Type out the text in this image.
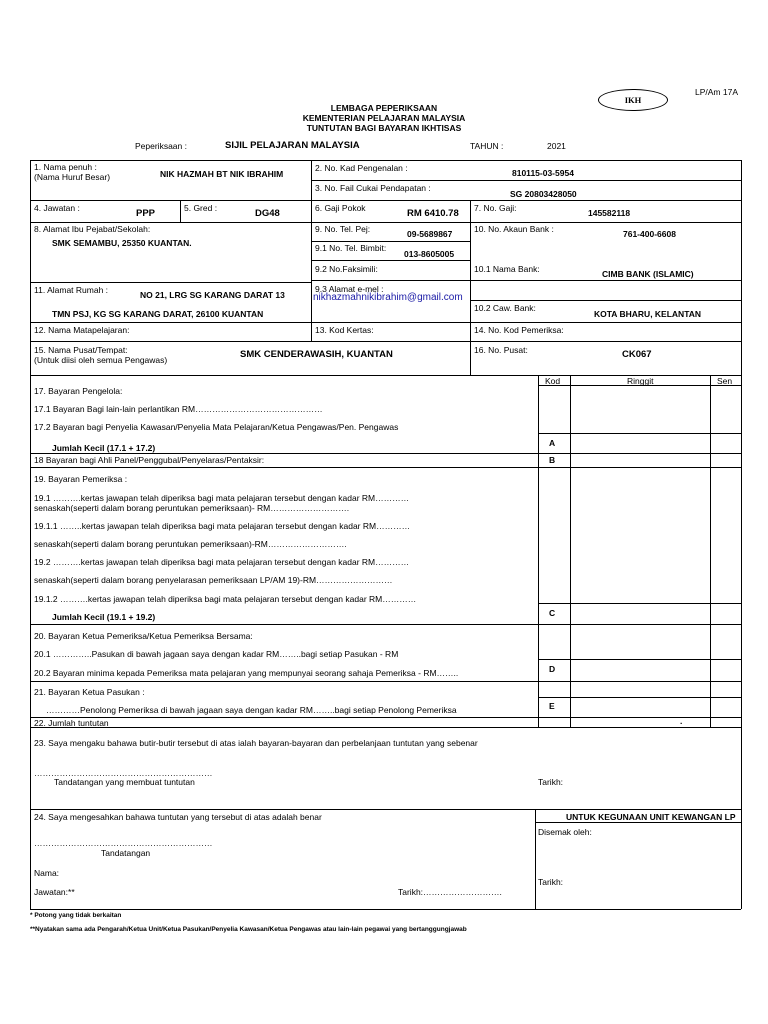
LP/Am 17A
IKH
LEMBAGA PEPERIKSAAN
KEMENTERIAN PELAJARAN MALAYSIA
TUNTUTAN BAGI BAYARAN IKHTISAS
Peperiksaan :	SIJIL PELAJARAN MALAYSIA	TAHUN :	2021
1. Nama penuh :
(Nama Huruf Besar)	NIK HAZMAH BT NIK IBRAHIM
2. No. Kad Pengenalan :	810115-03-5954
3. No. Fail Cukai Pendapatan :
SG 20803428050
4. Jawatan :	PPP	5. Gred :	DG48	6. Gaji Pokok	RM 6410.78 7. No. Gaji:	145582118
8. Alamat Ibu Pejabat/Sekolah:
SMK SEMAMBU, 25350 KUANTAN.
9. No. Tel. Pej:	09-5689867
9.1 No. Tel. Bimbit:
013-8605005
9.2 No.Faksimili:
10. No. Akaun Bank :	761-400-6608
10.1 Nama Bank:	CIMB BANK (ISLAMIC)
11. Alamat Rumah :	NO 21, LRG SG KARANG DARAT 13
TMN PSJ, KG SG KARANG DARAT, 26100 KUANTAN
9.3 Alamat e-mel :
nikhazmahnikibrahim@gmail.com
10.2 Caw. Bank:
KOTA BHARU, KELANTAN
12. Nama Matapelajaran:	13. Kod Kertas:	14. No. Kod Pemeriksa:
15. Nama Pusat/Tempat:
(Untuk diisi oleh semua Pengawas)	SMK CENDERAWASIH, KUANTAN	16. No. Pusat:	CK067
Kod	Ringgit	Sen
17. Bayaran Pengelola:
17.1 Bayaran Bagi lain-lain perlantikan RM………………………………………
17.2 Bayaran bagi Penyelia Kawasan/Penyelia Mata Pelajaran/Ketua Pengawas/Pen. Pengawas
Jumlah Kecil (17.1 + 17.2)	A
18 Bayaran bagi Ahli Panel/Penggubal/Penyelaras/Pentaksir:	B
19. Bayaran Pemeriksa :
19.1 ……….kertas jawapan telah diperiksa bagi mata pelajaran tersebut dengan kadar RM…………
senaskah(seperti dalam borang peruntukan pemeriksaan)- RM……………………….
19.1.1 ……..kertas jawapan telah diperiksa bagi mata pelajaran tersebut dengan kadar RM…………
senaskah(seperti dalam borang peruntukan pemeriksaan)-RM……………………….
19.2 ……….kertas jawapan telah diperiksa bagi mata pelajaran tersebut dengan kadar RM…………
senaskah(seperti dalam borang penyelarasan pemeriksaan LP/AM 19)-RM………………………
19.1.2 ……….kertas jawapan telah diperiksa bagi mata pelajaran tersebut dengan kadar RM…………
Jumlah Kecil (19.1 + 19.2)	C
20. Bayaran Ketua Pemeriksa/Ketua Pemeriksa Bersama:
20.1 …………..Pasukan di bawah jagaan saya dengan kadar RM……..bagi setiap Pasukan - RM
20.2 Bayaran minima kepada Pemeriksa mata pelajaran yang mempunyai seorang sahaja Pemeriksa - RM……..	D
21. Bayaran Ketua Pasukan :
…………Penolong Pemeriksa di bawah jagaan saya dengan kadar RM……..bagi setiap Penolong Pemeriksa	E
22. Jumlah tuntutan	.
23. Saya mengaku bahawa butir-butir tersebut di atas ialah bayaran-bayaran dan perbelanjaan tuntutan yang sebenar
………………………………………………………
Tandatangan yang membuat tuntutan	Tarikh:
24. Saya mengesahkan bahawa tuntutan yang tersebut di atas adalah benar
………………………………………………………
Tandatangan
Nama:
Jawatan:**	Tarikh:……………………….
UNTUK KEGUNAAN UNIT KEWANGAN LP
Disemak oleh:
Tarikh:
* Potong yang tidak berkaitan
**Nyatakan sama ada Pengarah/Ketua Unit/Ketua Pasukan/Penyelia Kawasan/Ketua Pengawas atau lain-lain pegawai yang bertanggungjawab
